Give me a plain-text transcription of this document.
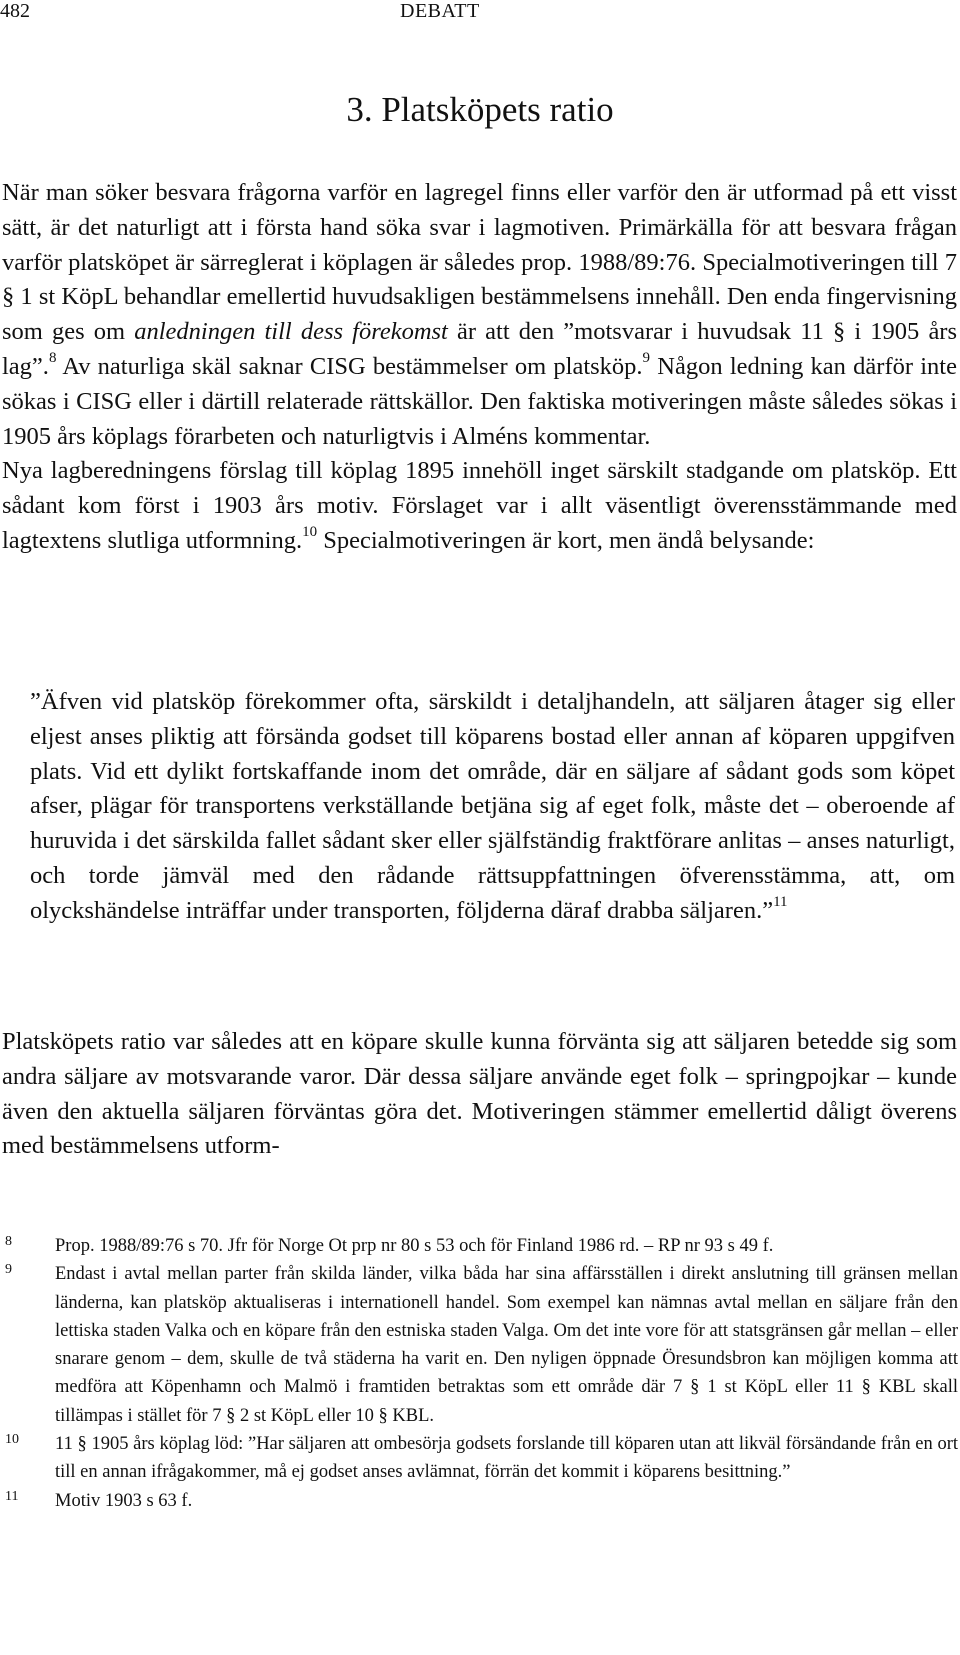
482	DEBATT
3. Platsköpets ratio

När man söker besvara frågorna varför en lagregel finns eller varför den är utformad på ett visst sätt, är det naturligt att i första hand söka svar i lagmotiven. Primärkälla för att besvara frågan varför platsköpet är särreglerat i köplagen är således prop. 1988/89:76. Specialmotiveringen till 7 § 1 st KöpL behandlar emellertid huvudsakligen bestämmelsens innehåll. Den enda fingervisning som ges om anledningen till dess förekomst är att den ”motsvarar i huvudsak 11 § i 1905 års lag”.$^8$ Av naturliga skäl saknar CISG bestämmelser om platsköp.$^9$ Någon ledning kan därför inte sökas i CISG eller i därtill relaterade rättskällor. Den faktiska motiveringen måste således sökas i 1905 års köplags förarbeten och naturligtvis i Alméns kommentar.

Nya lagberedningens förslag till köplag 1895 innehöll inget särskilt stadgande om platsköp. Ett sådant kom först i 1903 års motiv. Förslaget var i allt väsentligt överensstämmande med lagtextens slutliga utformning.$^{10}$ Specialmotiveringen är kort, men ändå belysande:

”Äfven vid platsköp förekommer ofta, särskildt i detaljhandeln, att säljaren åtager sig eller eljest anses pliktig att försända godset till köparens bostad eller annan af köparen uppgifven plats. Vid ett dylikt fortskaffande inom det område, där en säljare af sådant gods som köpet afser, plägar för transportens verkställande betjäna sig af eget folk, måste det – oberoende af huruvida i det särskilda fallet sådant sker eller själfständig fraktförare anlitas – anses naturligt, och torde jämväl med den rådande rättsuppfattningen öfverensstämma, att, om olyckshändelse inträffar under transporten, följderna däraf drabba säljaren.”$^{11}$
Platsköpets ratio var således att en köpare skulle kunna förvänta sig att säljaren betedde sig som andra säljare av motsvarande varor. Där dessa säljare använde eget folk – springpojkar – kunde även den aktuella säljaren förväntas göra det. Motiveringen stämmer emellertid dåligt överens med bestämmelsens utform-

8 Prop. 1988/89:76 s 70. Jfr för Norge Ot prp nr 80 s 53 och för Finland 1986 rd. – RP nr 93 s 49 f.

9 Endast i avtal mellan parter från skilda länder, vilka båda har sina affärsställen i direkt anslutning till gränsen mellan länderna, kan platsköp aktualiseras i internationell handel. Som exempel kan nämnas avtal mellan en säljare från den lettiska staden Valka och en köpare från den estniska staden Valga. Om det inte vore för att statsgränsen går mellan – eller snarare genom – dem, skulle de två städerna ha varit en. Den nyligen öppnade Öresundsbron kan möjligen komma att medföra att Köpenhamn och Malmö i framtiden betraktas som ett område där 7 § 1 st KöpL eller 11 § KBL skall tillämpas i stället för 7 § 2 st KöpL eller 10 § KBL.

10 11 § 1905 års köplag löd: ”Har säljaren att ombesörja godsets forslande till köparen utan att likväl försändande från en ort till en annan ifrågakommer, må ej godset anses avlämnat, förrän det kommit i köparens besittning.”

11 Motiv 1903 s 63 f.
